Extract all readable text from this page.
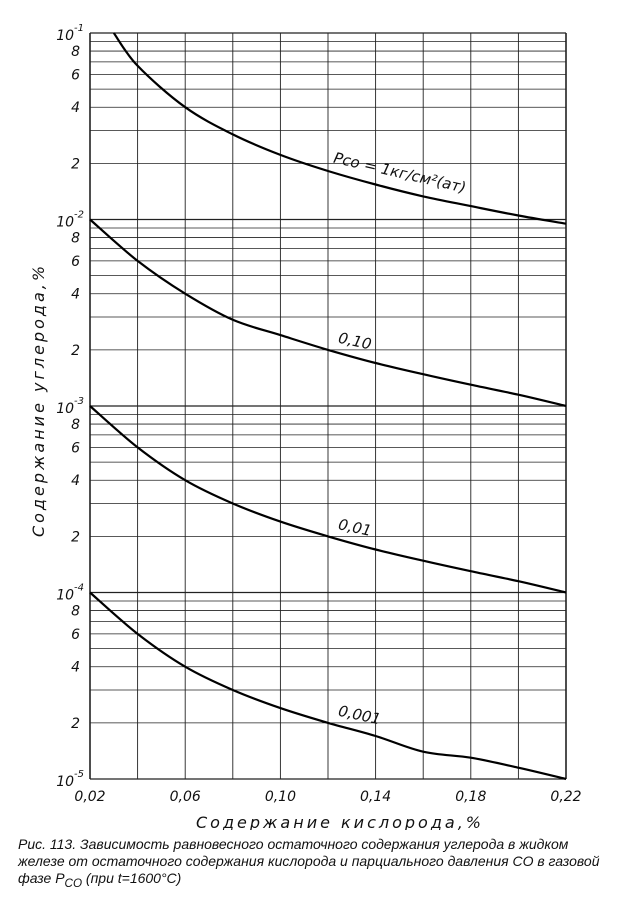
0,02	0,06	0,10	0,14	0,18	0,22
$10^{-1}$
$10^{-2}$
$10^{-3}$
$10^{-4}$
$10^{-5}$
2
4
6
8
2
4
6
8
2
4
6
8
2
4
6
8
Pco = 1кг/см²(ат)
0,10
0,01
0,001
Содержание углерода,%
Содержание кислорода,%

Рис. 113. Зависимость равновесного остаточного содержания углерода в жидком железе от остаточного содержания кислорода и парциального давления CO в газовой фазе $P_{CO}$ (при t=1600°C)
